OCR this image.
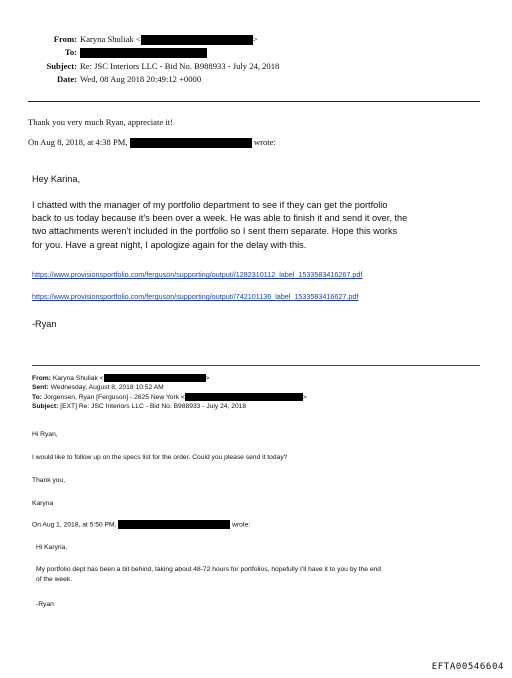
From: Karyna Shuliak <	>
To:
Subject: Re: JSC Interiors LLC - Bid No. B988933 - July 24, 2018
Date: Wed, 08 Aug 2018 20:49:12 +0000
Thank you very much Ryan, appreciate it!
On Aug 8, 2018, at 4:38 PM,	wrote:
Hey Karina,
I chatted with the manager of my portfolio department to see if they can get the portfolio
back to us today because it’s been over a week. He was able to finish it and send it over, the
two attachments weren’t included in the portfolio so I sent them separate. Hope this works
for you. Have a great night, I apologize again for the delay with this.
https://www.provisionsportfolio.com/ferguson/supporting/output//1282310112_label_1533583416267.pdf
https://www.provisionsportfolio.com/ferguson/supporting/output//742101136_label_1533583416627.pdf
-Ryan
From: Karyna Shuliak <	>
Sent: Wednesday, August 8, 2018 10:52 AM
To: Jorgensen, Ryan [Ferguson] - 2625 New York <	>
Subject: [EXT] Re: JSC Interiors LLC - Bid No. B988933 - July 24, 2018
Hi Ryan,
I would like to follow up on the specs list for the order. Could you please send it today?
Thank you,
Karyna
On Aug 1, 2018, at 5:50 PM,	wrote:
Hi Karyna,
My portfolio dept has been a bit behind, taking about 48-72 hours for portfolios, hopefully I’ll have it to you by the end
of the week.
-Ryan
EFTA00546604
